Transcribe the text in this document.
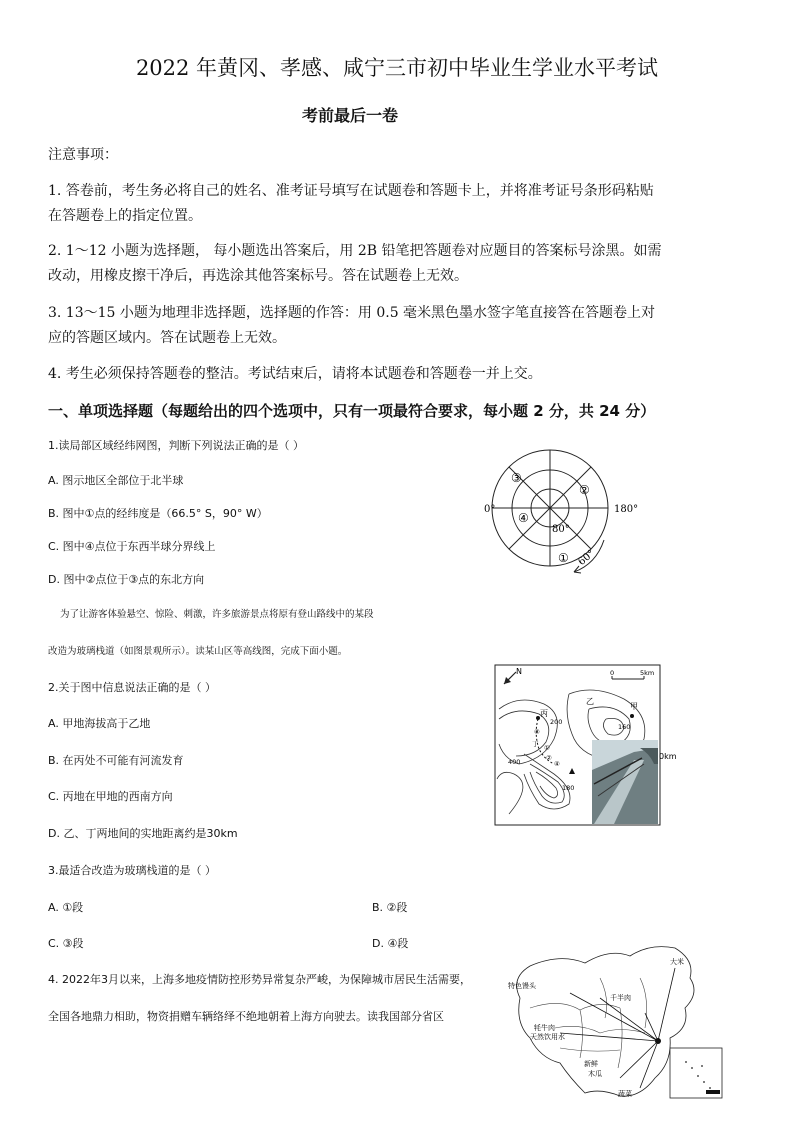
2022 年黄冈、孝感、咸宁三市初中毕业生学业水平考试
考前最后一卷
注意事项：
1. 答卷前，考生务必将自己的姓名、准考证号填写在试题卷和答题卡上，并将准考证号条形码粘贴
在答题卷上的指定位置。
2. 1～12 小题为选择题， 每小题选出答案后，用 2B 铅笔把答题卷对应题目的答案标号涂黑。如需
改动，用橡皮擦干净后，再选涂其他答案标号。答在试题卷上无效。
3. 13～15 小题为地理非选择题，选择题的作答：用 0.5 毫米黑色墨水签字笔直接答在答题卷上对
应的答题区域内。答在试题卷上无效。
4. 考生必须保持答题卷的整洁。考试结束后，请将本试题卷和答题卷一并上交。
一、单项选择题（每题给出的四个选项中，只有一项最符合要求，每小题 2 分，共 24 分）
1.读局部区域经纬网图，判断下列说法正确的是（ ）
A. 图示地区全部位于北半球
B. 图中①点的经纬度是（66.5° S，90° W）
C. 图中④点位于东西半球分界线上
D. 图中②点位于③点的东北方向
0°	180°
80°
60°
③
②
④
①
为了让游客体验悬空、惊险、刺激，许多旅游景点将原有登山路线中的某段
改造为玻璃栈道（如图景观所示）。读某山区等高线图，完成下面小题。
2.关于图中信息说法正确的是（ ）
A. 甲地海拔高于乙地
B. 在丙处不可能有河流发育
C. 丙地在甲地的西南方向
D. 乙、丁两地间的实地距离约是30km
N	0	5km
乙
甲
丙
丁
200
160
400
180
③
①
②
④
0km
3.最适合改造为玻璃栈道的是（ ）
A. ①段	B. ②段
C. ③段	D. ④段
4. 2022年3月以来，上海多地疫情防控形势异常复杂严峻，为保障城市居民生活需要，
全国各地鼎力相助，物资捐赠车辆络绎不绝地朝着上海方向驶去。读我国部分省区
特色馒头
大米
千半肉
牦牛肉
天然饮用水
蔬菜
新鲜
木瓜
